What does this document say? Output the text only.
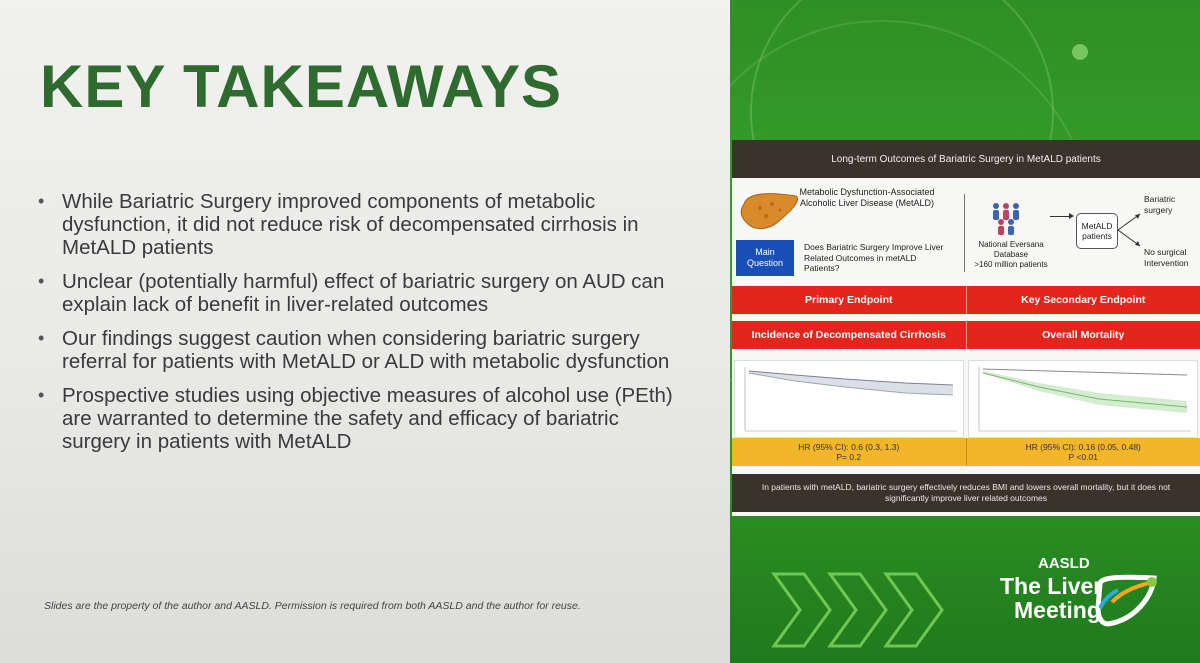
KEY TAKEAWAYS
• While Bariatric Surgery improved components of metabolic dysfunction, it did not reduce risk of decompensated cirrhosis in MetALD patients
• Unclear (potentially harmful) effect of bariatric surgery on AUD can explain lack of benefit in liver-related outcomes
• Our findings suggest caution when considering bariatric surgery referral for patients with MetALD or ALD with metabolic dysfunction
• Prospective studies using objective measures of alcohol use (PEth) are warranted to determine the safety and efficacy of bariatric surgery in patients with MetALD
Slides are the property of the author and AASLD. Permission is required from both AASLD and the author for reuse.
Long-term Outcomes of Bariatric Surgery in MetALD patients
Metabolic Dysfunction-Associated Alcoholic Liver Disease (MetALD)
Main Question
Does Bariatric Surgery Improve Liver Related Outcomes in metALD Patients?
National Eversana Database
>160 million patients
MetALD patients
Bariatric surgery
No surgical Intervention
Primary Endpoint	Key Secondary Endpoint
Incidence of Decompensated Cirrhosis	Overall Mortality
HR (95% CI): 0.6 (0.3, 1.3)
P= 0.2
HR (95% CI): 0.16 (0.05, 0.48)
P <0.01
In patients with metALD, bariatric surgery effectively reduces BMI and lowers overall mortality, but it does not significantly improve liver related outcomes
AASLD
The Liver
Meeting
